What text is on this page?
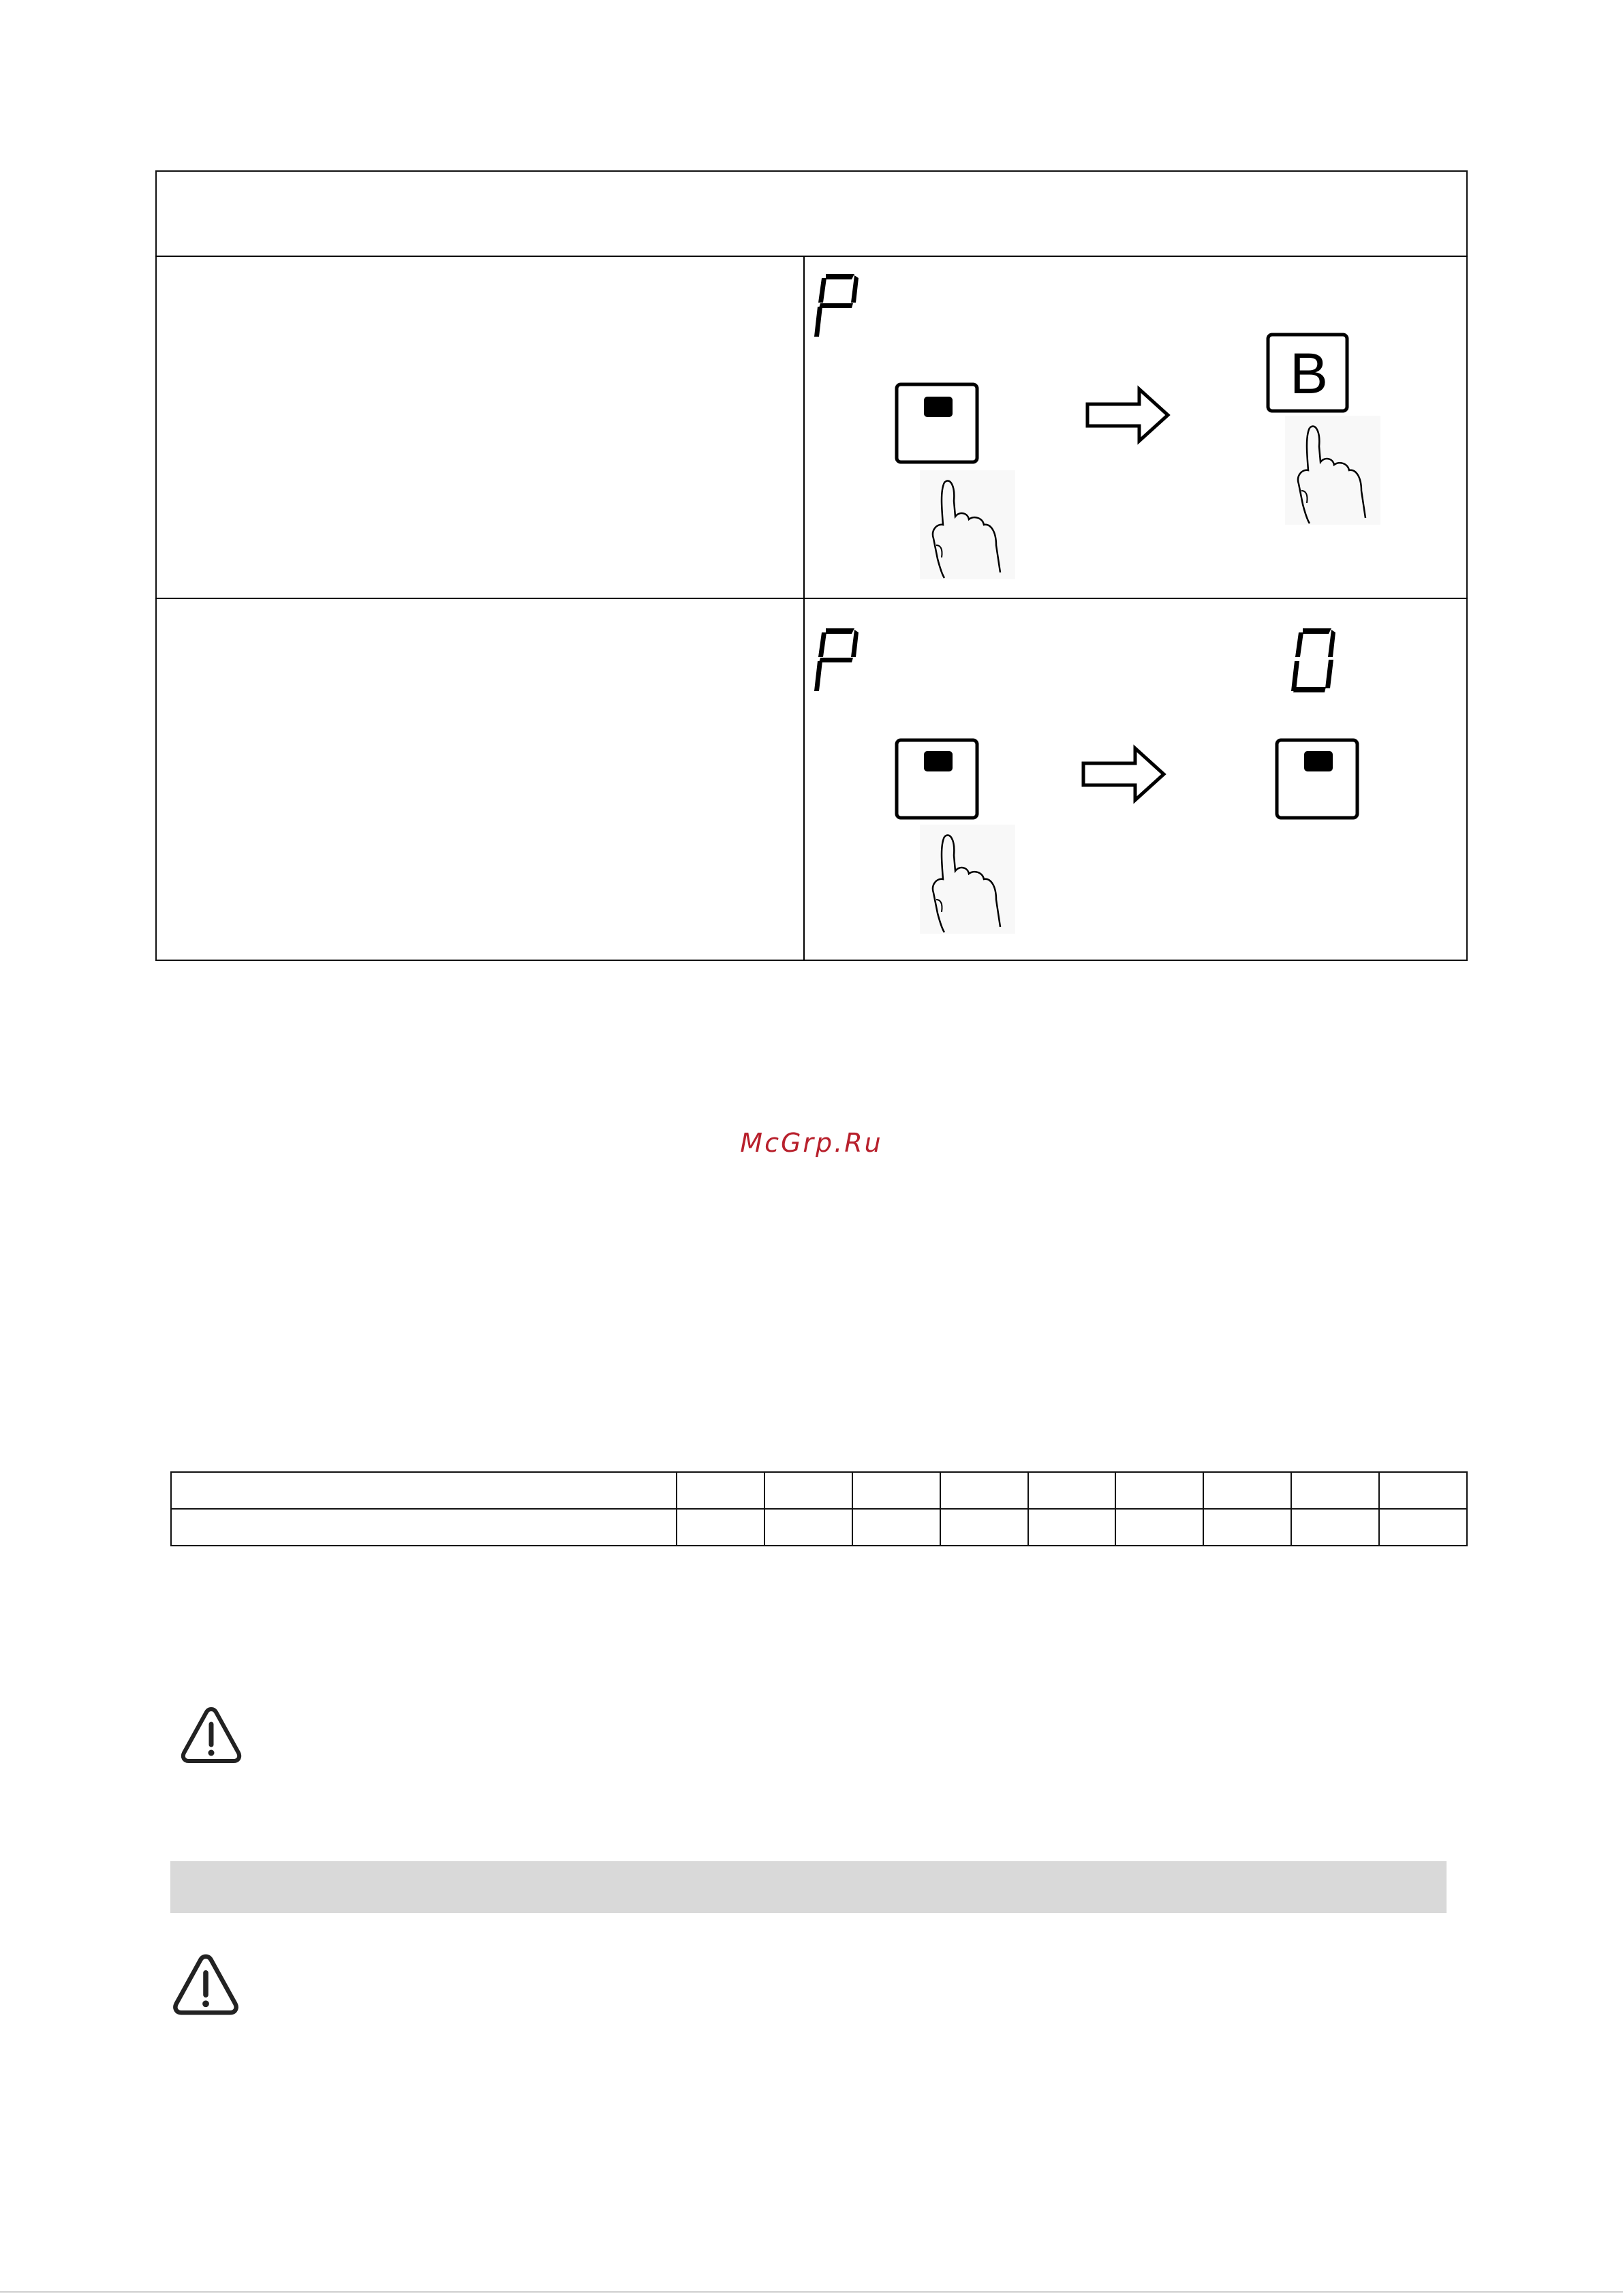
B
McGrp.Ru
